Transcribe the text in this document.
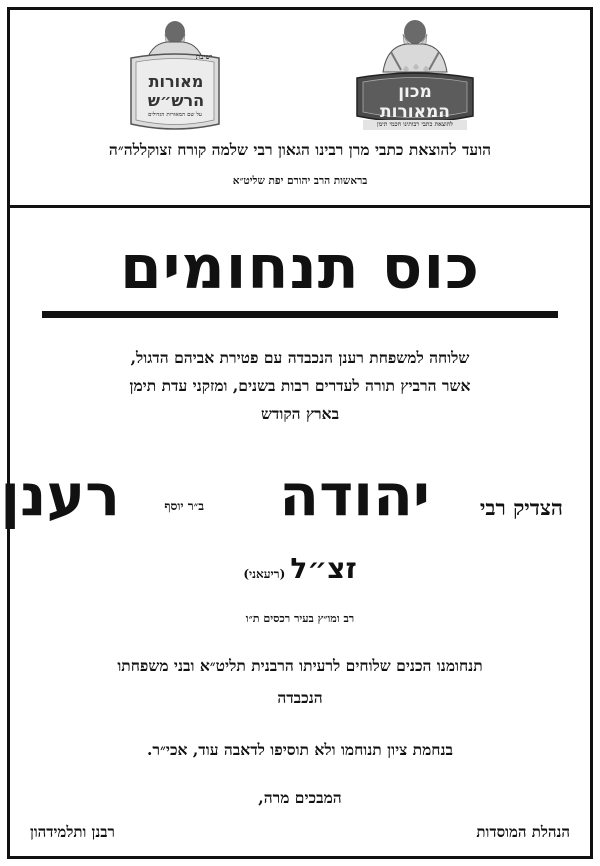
מכון המאורות
להוצאת כתבי רבותינו חכמי תימן
ישיבת
מאורות הרש״ש
על שם המאורות הגדולים
הועד להוצאת כתבי מרן רבינו הגאון רבי שלמה קורח זצוקללה״ה
בראשות הרב יהורם יפת שליט״א
כוס תנחומים
שלוחה למשפחת רענן הנכבדה עם פטירת אביהם הדגול,
אשר הרביץ תורה לעדרים רבות בשנים, ומזקני עדת תימן
בארץ הקודש
הצדיק רבי
יהודה
ב״ר יוסף
רענן
זצ״ל (ריעאני)
רב ומו״ץ בעיר רכסים ת״ו
תנחומנו הכנים שלוחים לרעיתו הרבנית תליט״א ובני משפחתו
הנכבדה
בנחמת ציון תנוחמו ולא תוסיפו לדאבה עוד, אכי״ר.
המבכים מרה,
הנהלת המוסדות
רבנן ותלמידהון
